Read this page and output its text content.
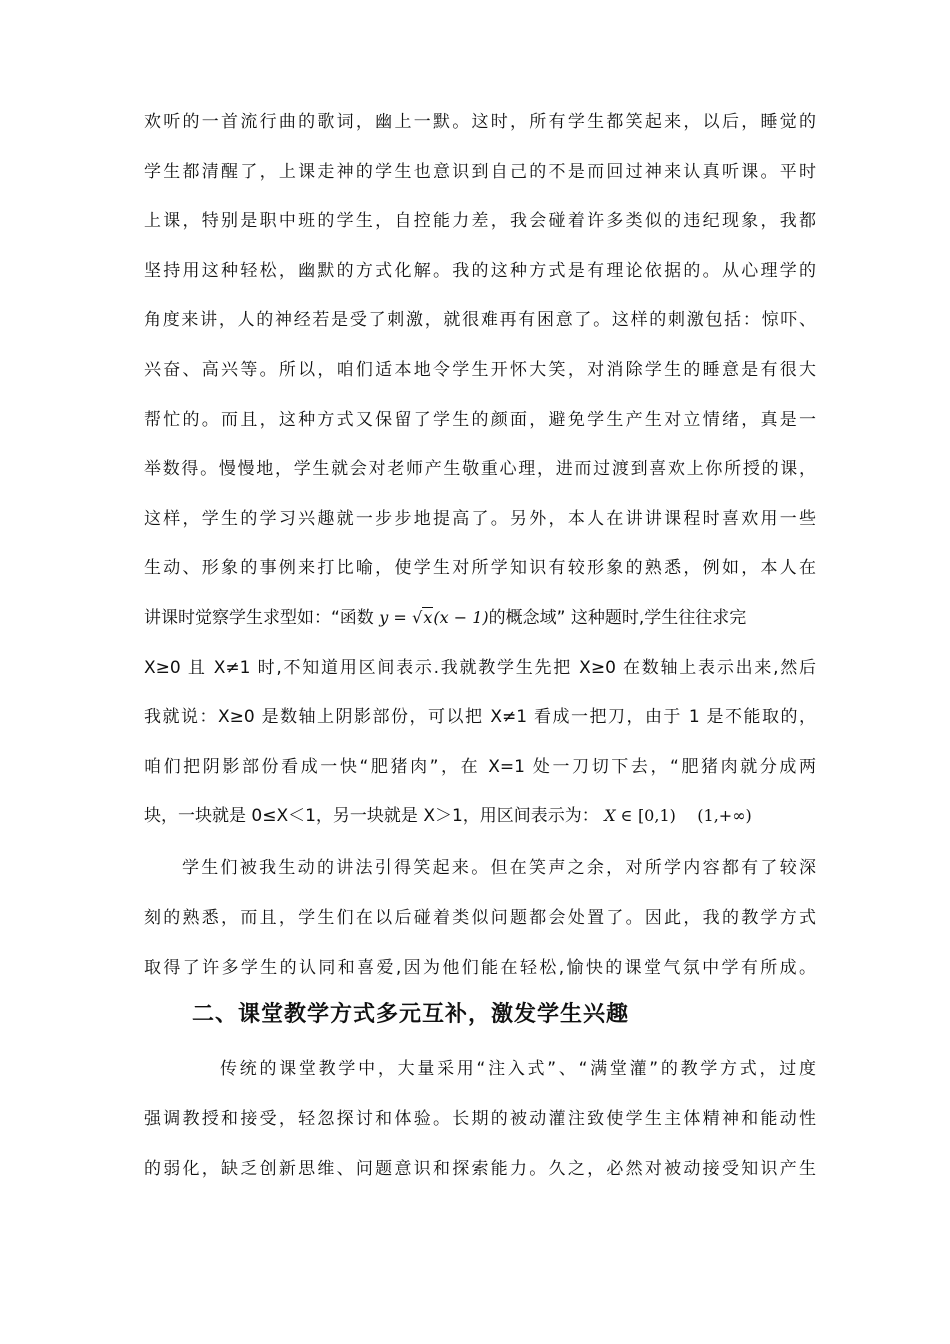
欢听的一首流行曲的歌词，幽上一默。这时，所有学生都笑起来，以后，睡觉的
学生都清醒了，上课走神的学生也意识到自己的不是而回过神来认真听课。平时
上课，特别是职中班的学生，自控能力差，我会碰着许多类似的违纪现象，我都
坚持用这种轻松，幽默的方式化解。我的这种方式是有理论依据的。从心理学的
角度来讲，人的神经若是受了刺激，就很难再有困意了。这样的刺激包括：惊吓、
兴奋、高兴等。所以，咱们适本地令学生开怀大笑，对消除学生的睡意是有很大
帮忙的。而且，这种方式又保留了学生的颜面，避免学生产生对立情绪，真是一
举数得。慢慢地，学生就会对老师产生敬重心理，进而过渡到喜欢上你所授的课，
这样，学生的学习兴趣就一步步地提高了。另外，本人在讲讲课程时喜欢用一些
生动、形象的事例来打比喻，使学生对所学知识有较形象的熟悉，例如，本人在
讲课时觉察学生求型如：“函数 y = √x(x − 1)的概念域” 这种题时,学生往往求完
X≥0 且 X≠1 时,不知道用区间表示.我就教学生先把 X≥0 在数轴上表示出来,然后
我就说：X≥0 是数轴上阴影部份，可以把 X≠1 看成一把刀，由于 1 是不能取的，
咱们把阴影部份看成一快“肥猪肉”，在 X=1 处一刀切下去，“肥猪肉就分成两
块，一块就是 0≤X＜1，另一块就是 X＞1，用区间表示为： X ∈ [0,1) (1,+∞)
学生们被我生动的讲法引得笑起来。但在笑声之余，对所学内容都有了较深
刻的熟悉，而且，学生们在以后碰着类似问题都会处置了。因此，我的教学方式
取得了许多学生的认同和喜爱,因为他们能在轻松,愉快的课堂气氛中学有所成。
二、课堂教学方式多元互补，激发学生兴趣
传统的课堂教学中，大量采用“注入式”、“满堂灌”的教学方式，过度
强调教授和接受，轻忽探讨和体验。长期的被动灌注致使学生主体精神和能动性
的弱化，缺乏创新思维、问题意识和探索能力。久之，必然对被动接受知识产生
